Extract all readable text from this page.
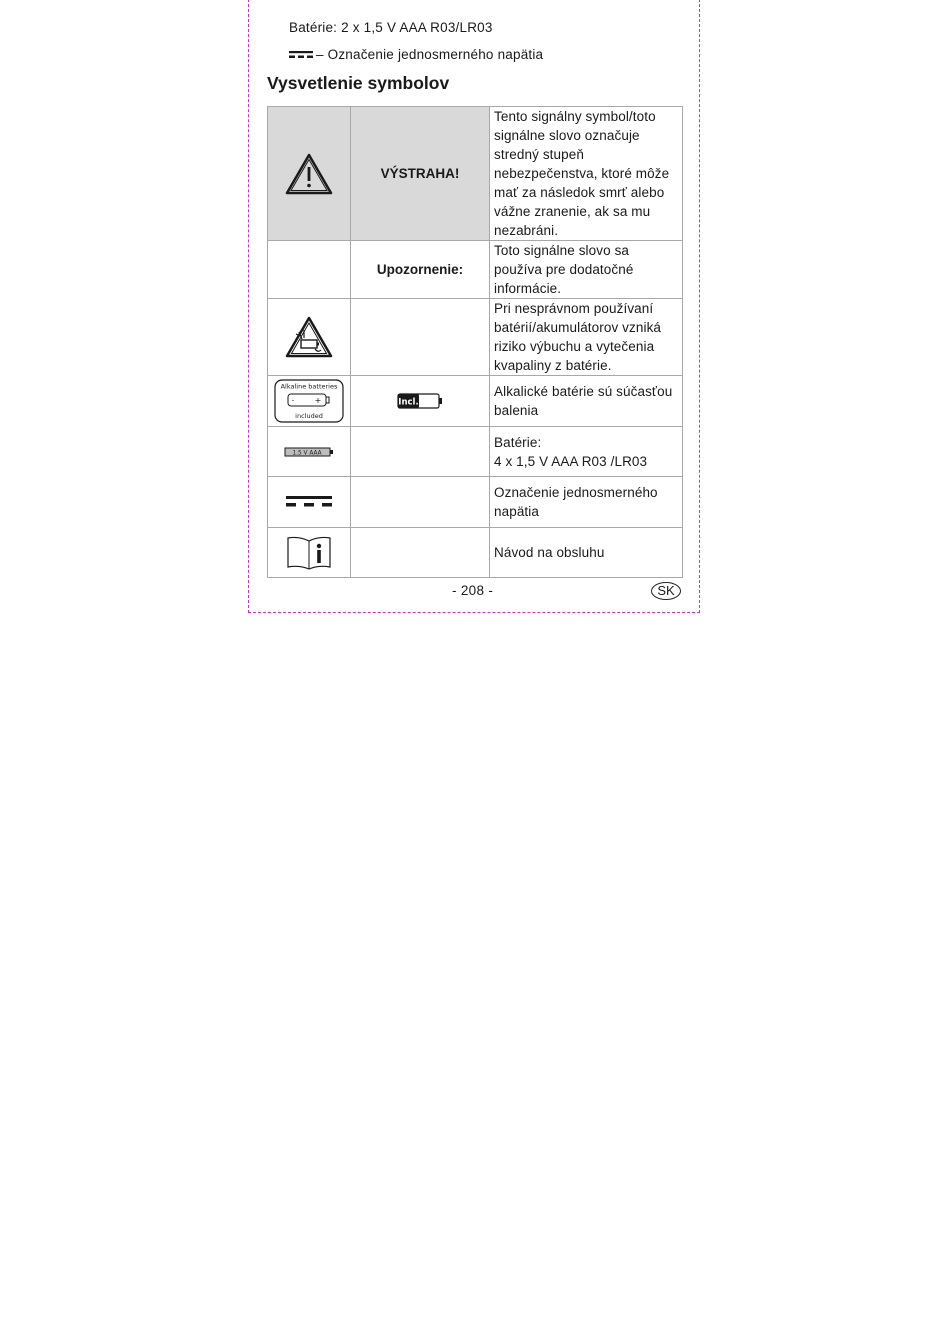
Batérie: 2 x 1,5 V AAA R03/LR03
– Označenie jednosmerného napätia
Vysvetlenie symbolov
	VÝSTRAHA!	Tento signálny symbol/toto signálne slovo označuje stredný stupeň nebezpečenstva, ktoré môže mať za následok smrť alebo vážne zranenie, ak sa mu nezabráni.
	Upozornenie:	Toto signálne slovo sa používa pre dodatočné informácie.

		Pri nesprávnom používaní batérií/akumulátorov vzniká riziko výbuchu a vytečenia kvapaliny z batérie.

Alkaline batteries
+
included	Incl.	Alkalické batérie sú súčasťou balenia

1.5 V AAA		Batérie:
4 x 1,5 V AAA R03 /LR03

		Označenie jednosmerného napätia

		Návod na obsluhu
- 208 -	SK
